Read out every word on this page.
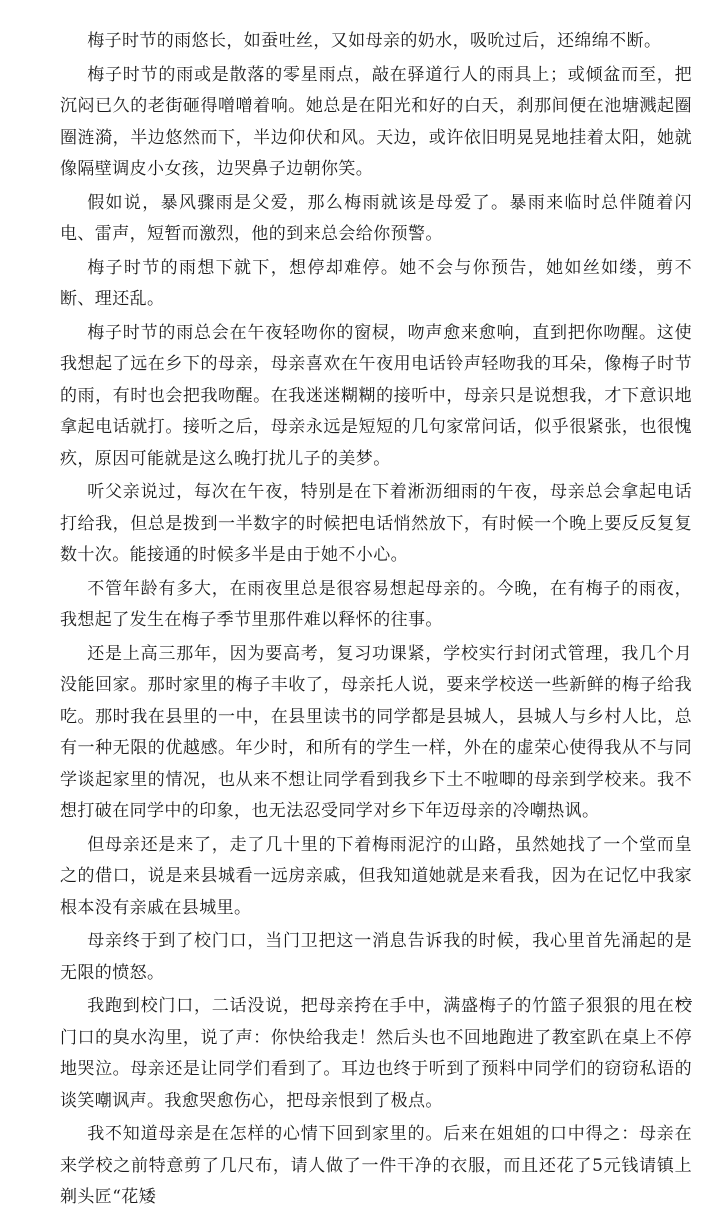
梅子时节的雨悠长，如蚕吐丝，又如母亲的奶水，吸吮过后，还绵绵不断。

梅子时节的雨或是散落的零星雨点，敲在驿道行人的雨具上；或倾盆而至，把沉闷已久的老街砸得噌噌着响。她总是在阳光和好的白天，刹那间便在池塘溅起圈圈涟漪，半边悠然而下，半边仰伏和风。天边，或许依旧明晃晃地挂着太阳，她就像隔壁调皮小女孩，边哭鼻子边朝你笑。

假如说，暴风骤雨是父爱，那么梅雨就该是母爱了。暴雨来临时总伴随着闪电、雷声，短暂而激烈，他的到来总会给你预警。

梅子时节的雨想下就下，想停却难停。她不会与你预告，她如丝如缕，剪不断、理还乱。

梅子时节的雨总会在午夜轻吻你的窗棂，吻声愈来愈响，直到把你吻醒。这使我想起了远在乡下的母亲，母亲喜欢在午夜用电话铃声轻吻我的耳朵，像梅子时节的雨，有时也会把我吻醒。在我迷迷糊糊的接听中，母亲只是说想我，才下意识地拿起电话就打。接听之后，母亲永远是短短的几句家常问话，似乎很紧张，也很愧疚，原因可能就是这么晚打扰儿子的美梦。

听父亲说过，每次在午夜，特别是在下着淅沥细雨的午夜，母亲总会拿起电话打给我，但总是拨到一半数字的时候把电话悄然放下，有时候一个晚上要反反复复数十次。能接通的时候多半是由于她不小心。

不管年龄有多大，在雨夜里总是很容易想起母亲的。今晚，在有梅子的雨夜，我想起了发生在梅子季节里那件难以释怀的往事。

还是上高三那年，因为要高考，复习功课紧，学校实行封闭式管理，我几个月没能回家。那时家里的梅子丰收了，母亲托人说，要来学校送一些新鲜的梅子给我吃。那时我在县里的一中，在县里读书的同学都是县城人，县城人与乡村人比，总有一种无限的优越感。年少时，和所有的学生一样，外在的虚荣心使得我从不与同学谈起家里的情况，也从来不想让同学看到我乡下土不啦唧的母亲到学校来。我不想打破在同学中的印象，也无法忍受同学对乡下年迈母亲的冷嘲热讽。

但母亲还是来了，走了几十里的下着梅雨泥泞的山路，虽然她找了一个堂而皇之的借口，说是来县城看一远房亲戚，但我知道她就是来看我，因为在记忆中我家根本没有亲戚在县城里。

母亲终于到了校门口，当门卫把这一消息告诉我的时候，我心里首先涌起的是无限的愤怒。

我跑到校门口，二话没说，把母亲挎在手中，满盛梅子的竹篮子狠狠的甩在校门口的臭水沟里，说了声：你快给我走！然后头也不回地跑进了教室趴在桌上不停地哭泣。母亲还是让同学们看到了。耳边也终于听到了预料中同学们的窃窃私语的谈笑嘲讽声。我愈哭愈伤心，把母亲恨到了极点。

我不知道母亲是在怎样的心情下回到家里的。后来在姐姐的口中得之：母亲在来学校之前特意剪了几尺布，请人做了一件干净的衣服，而且还花了5元钱请镇上剃头匠“花矮
